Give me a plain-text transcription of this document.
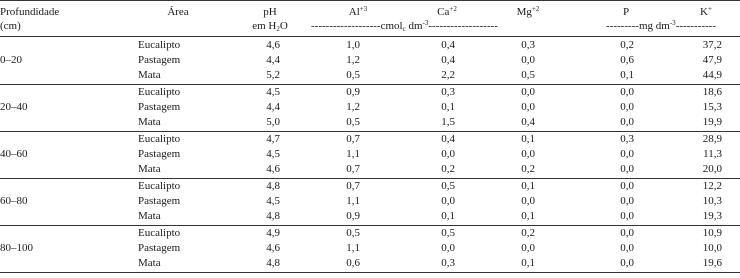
Profundidade	Área	pH	$Al^{+3}$	$Ca^{+2}$	$Mg^{+2}$	P	K+
(cm)	em $H_2O$ -------------------cmol$_c$ $dm^{-3}-------------------$	---------mg $dm^{-3}-----------$
0–20
Eucalipto	4,6	1,0	0,4	0,3	0,2	37,2
Pastagem	4,4	1,2	0,4	0,0	0,6	47,9
Mata	5,2	0,5	2,2	0,5	0,1	44,9
20–40
Eucalipto	4,5	0,9	0,3	0,0	0,0	18,6
Pastagem	4,4	1,2	0,1	0,0	0,0	15,3
Mata	5,0	0,5	1,5	0,4	0,0	19,9
40–60
Eucalipto	4,7	0,7	0,4	0,1	0,3	28,9
Pastagem	4,5	1,1	0,0	0,0	0,0	11,3
Mata	4,6	0,7	0,2	0,2	0,0	20,0
60–80
Eucalipto	4,8	0,7	0,5	0,1	0,0	12,2
Pastagem	4,5	1,1	0,0	0,0	0,0	10,3
Mata	4,8	0,9	0,1	0,1	0,0	19,3
80–100
Eucalipto	4,9	0,5	0,5	0,2	0,0	10,9
Pastagem	4,6	1,1	0,0	0,0	0,0	10,0
Mata	4,8	0,6	0,3	0,1	0,0	19,6
